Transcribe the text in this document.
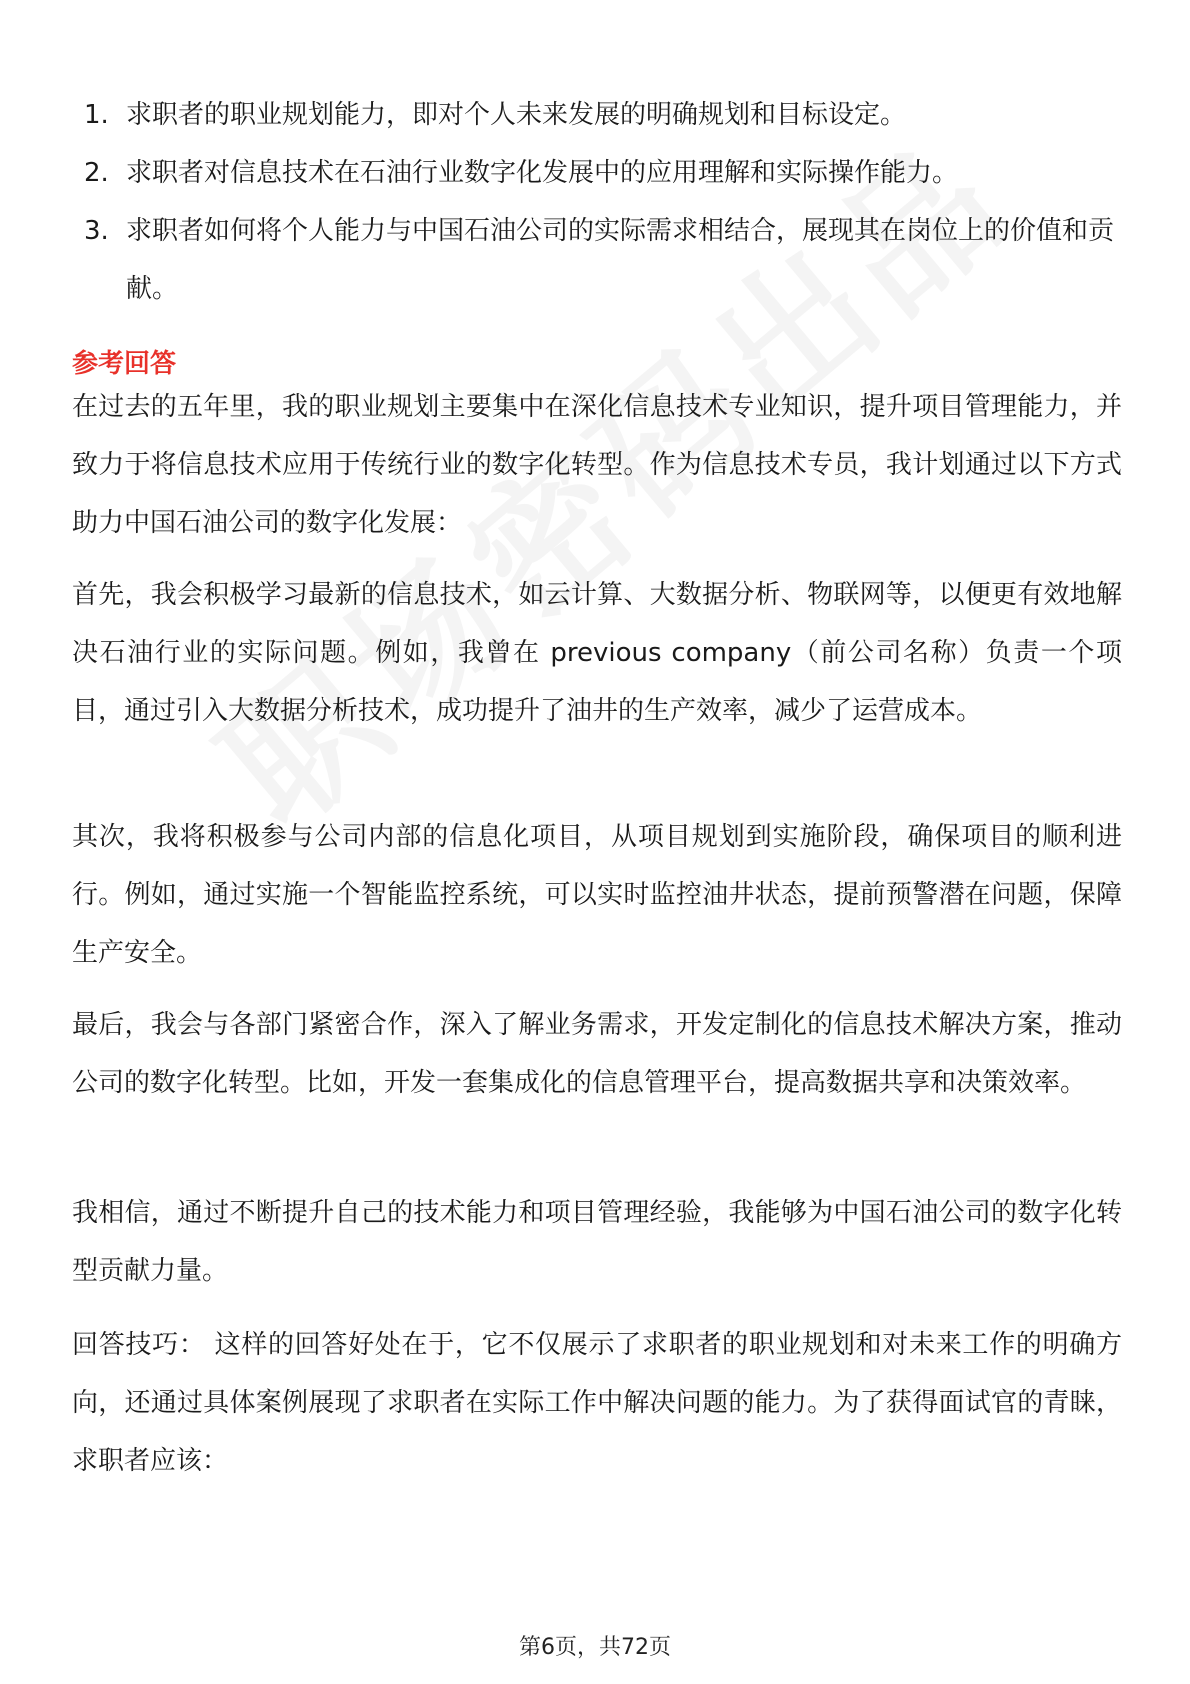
1. 求职者的职业规划能力，即对个人未来发展的明确规划和目标设定。
2. 求职者对信息技术在石油行业数字化发展中的应用理解和实际操作能力。
3. 求职者如何将个人能力与中国石油公司的实际需求相结合，展现其在岗位上的价值和贡献。
参考回答

在过去的五年里，我的职业规划主要集中在深化信息技术专业知识，提升项目管理能力，并致力于将信息技术应用于传统行业的数字化转型。作为信息技术专员，我计划通过以下方式助力中国石油公司的数字化发展：

首先，我会积极学习最新的信息技术，如云计算、大数据分析、物联网等，以便更有效地解决石油行业的实际问题。例如，我曾在 previous company（前公司名称）负责一个项目，通过引入大数据分析技术，成功提升了油井的生产效率，减少了运营成本。

其次，我将积极参与公司内部的信息化项目，从项目规划到实施阶段，确保项目的顺利进行。例如，通过实施一个智能监控系统，可以实时监控油井状态，提前预警潜在问题，保障生产安全。

最后，我会与各部门紧密合作，深入了解业务需求，开发定制化的信息技术解决方案，推动公司的数字化转型。比如，开发一套集成化的信息管理平台，提高数据共享和决策效率。

我相信，通过不断提升自己的技术能力和项目管理经验，我能够为中国石油公司的数字化转型贡献力量。

回答技巧： 这样的回答好处在于，它不仅展示了求职者的职业规划和对未来工作的明确方向，还通过具体案例展现了求职者在实际工作中解决问题的能力。为了获得面试官的青睐，求职者应该：

第6页，共72页
